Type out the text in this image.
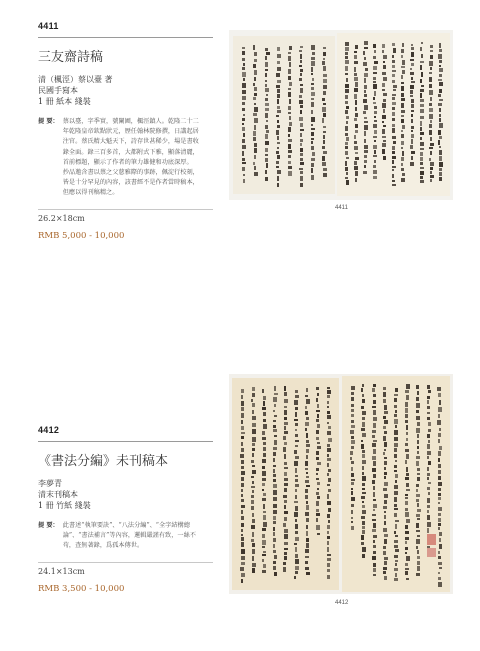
4411
三友齋詩稿
清（楓涇）蔡以臺 著
民國手寫本
1 冊 紙本 綫裝
提 要： 蔡以臺，字季實，號闌圃，楓涇鎮人。乾隆二十二
年乾隆皇帝欽點狀元，歷任翰林院修撰，日講起居
注官。蔡氏精大魁天下，詩存世甚稀少，場是書收
錄全面。錄三百多首，大都附式下雅，顯落清麗，
首前標題，顯示了作者的筆力雄健和功底深厚。
抄品邀含書以蔡之父慈雅際的事跡，佩淀行校刻，
皆是十分罕見的內容，該書經不是作者當時稿本，
但應以得刊稿精之。
26.2×18cm
RMB 5,000 - 10,000
4411
4412
《書法分編》未刊稿本
李夢青
清末刊稿本
1 冊 竹紙 綫裝
提 要： 此書述“執筆要訣”、“八法分編”、“全字結構總
論”、“書法補言”等內容，邏輯嚴謹有致，一絲不
苟，查無著錄，爲孤本傳世。
24.1×13cm
RMB 3,500 - 10,000
4412
